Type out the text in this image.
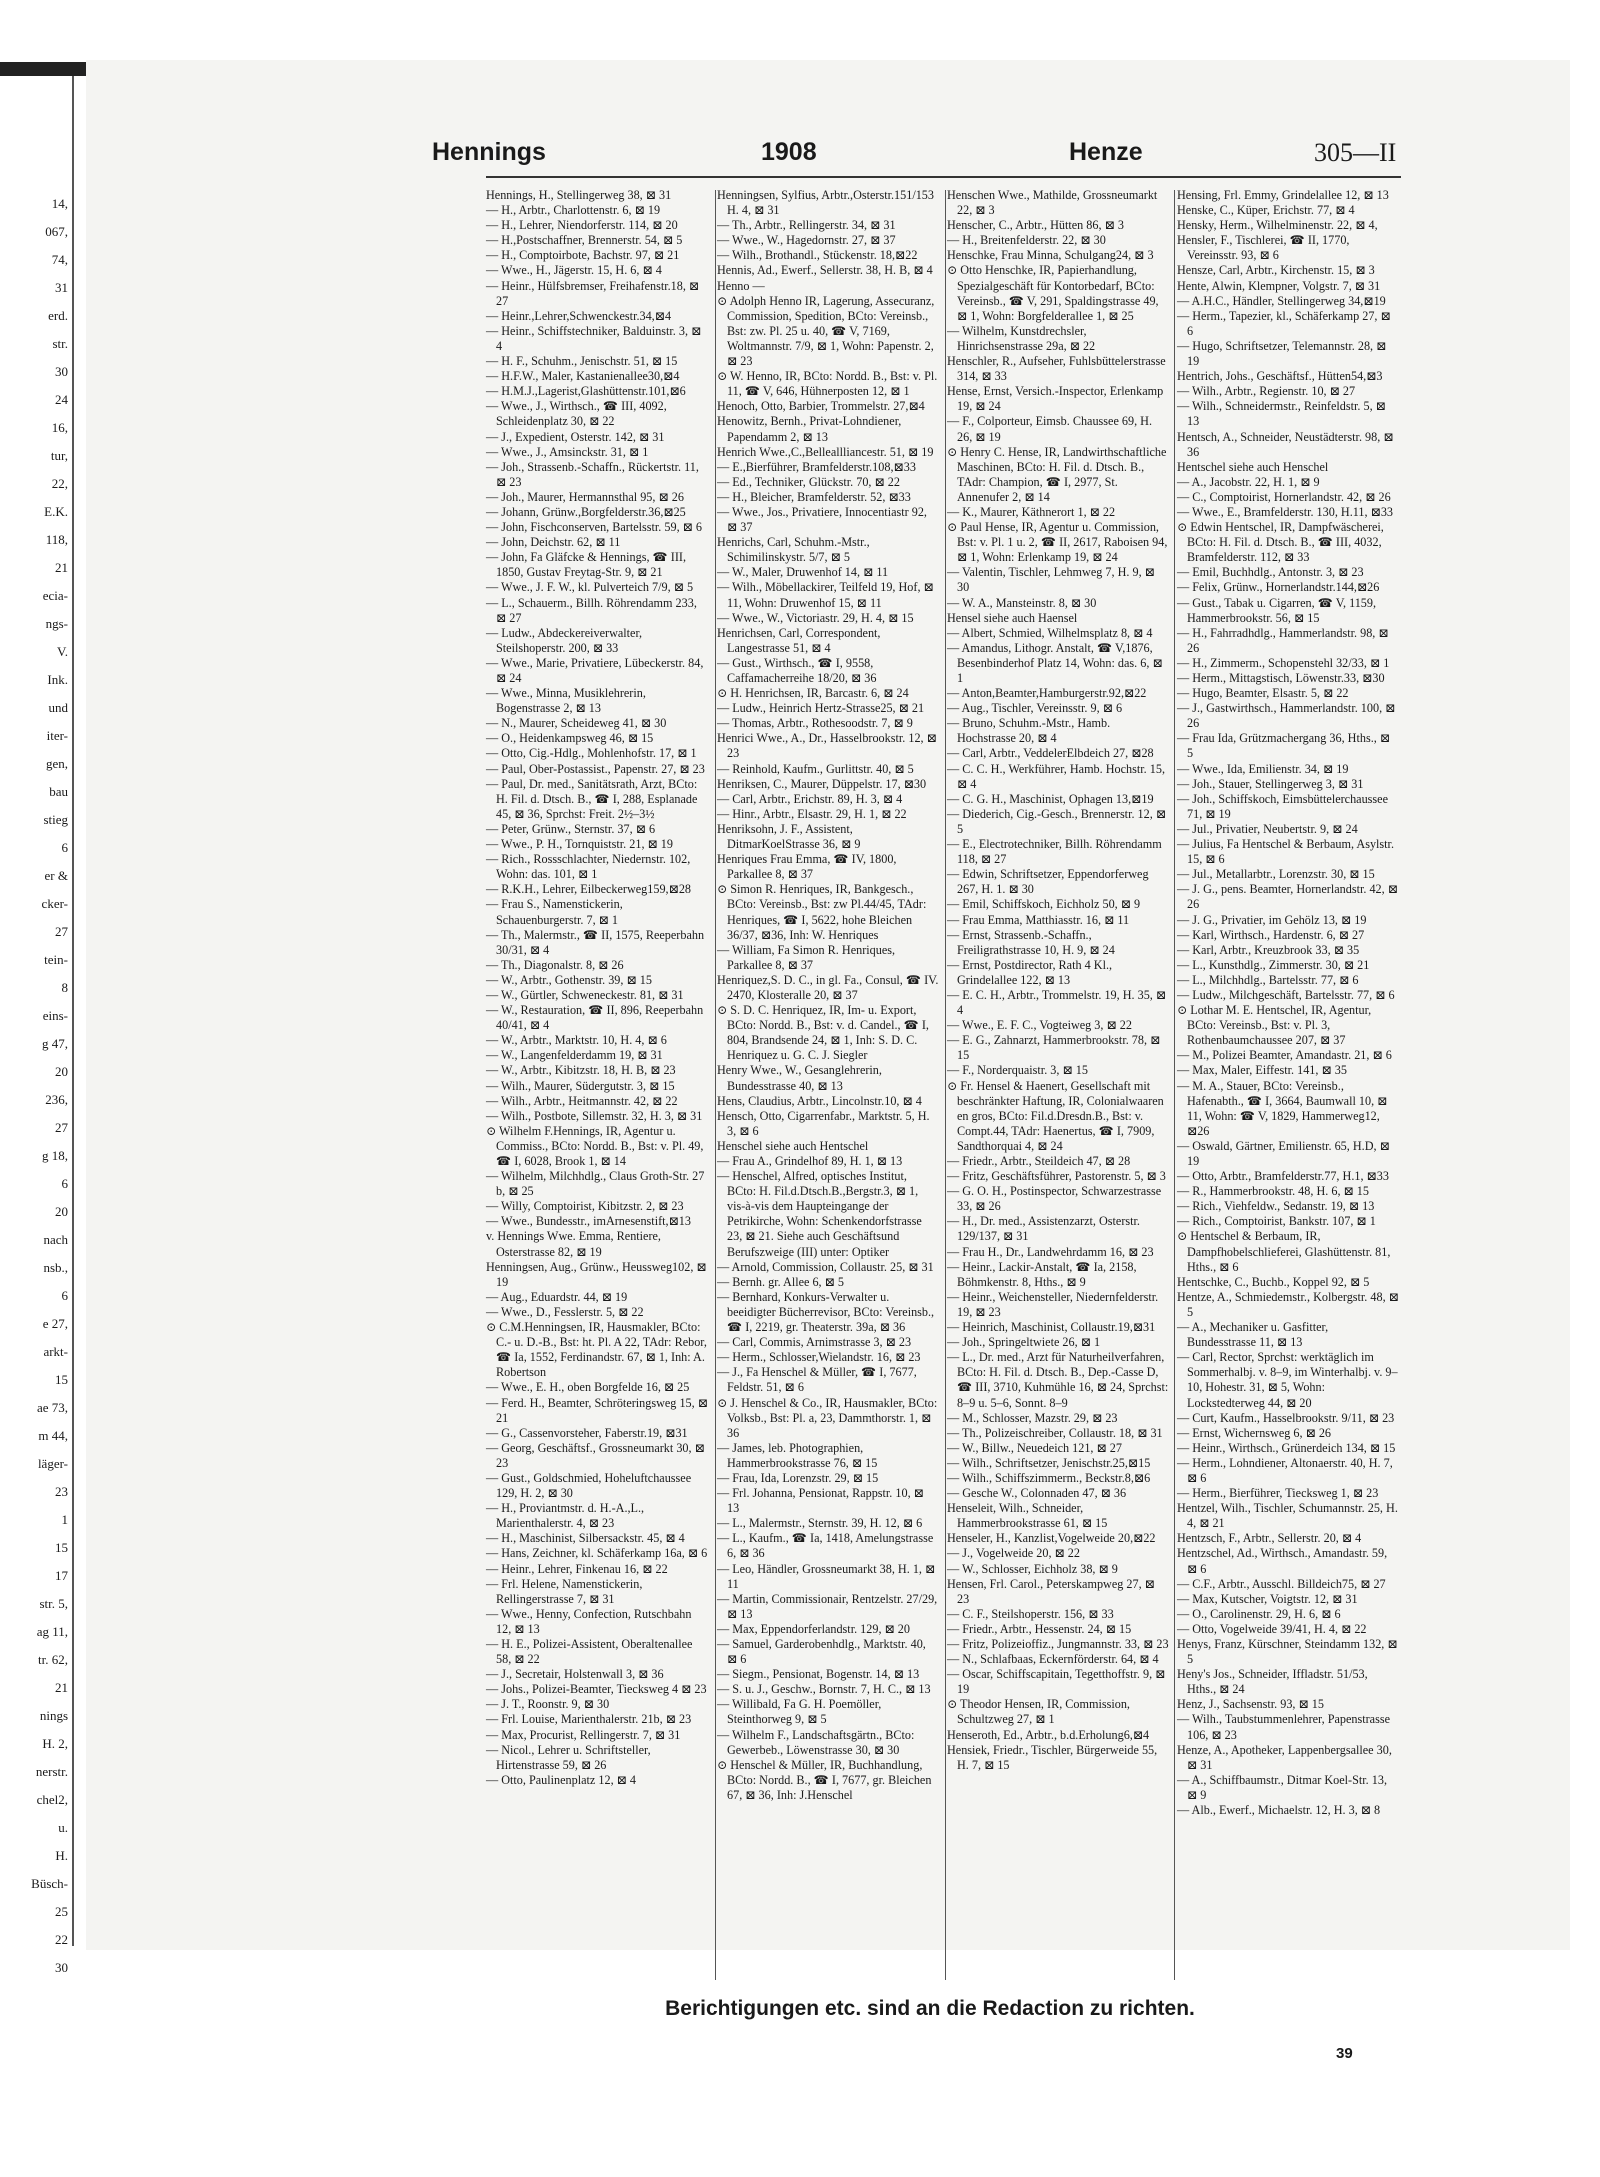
14,
067,
74,
31
erd.
str.
30
24
16,
tur,
22,
E.K.
118,
21
ecia-
ngs-
V.
Ink.
und
iter-
gen,
bau
stieg
6
er &
cker-
27
tein-
8
eins-
g 47,
20
236,
27
g 18,
6
20
nach
nsb.,
6
e 27,
arkt-
15
ae 73,
m 44,
läger-
23
1
15
17
str. 5,
ag 11,
tr. 62,
21
nings
H. 2,
nerstr.
chel2,
u.
H.
Büsch-
25
22
30
Hennings	1908	Henze	305—II

Hennings, H., Stellingerweg 38, ⊠ 31

— H., Arbtr., Charlottenstr. 6, ⊠ 19

— H., Lehrer, Niendorferstr. 114, ⊠ 20

— H.,Postschaffner, Brennerstr. 54, ⊠ 5

— H., Comptoirbote, Bachstr. 97, ⊠ 21

— Wwe., H., Jägerstr. 15, H. 6, ⊠ 4

— Heinr., Hülfsbremser, Freihafenstr.18, ⊠ 27

— Heinr.,Lehrer,Schwenckestr.34,⊠4

— Heinr., Schiffstechniker, Balduinstr. 3, ⊠ 4

— H. F., Schuhm., Jenischstr. 51, ⊠ 15

— H.F.W., Maler, Kastanienallee30,⊠4

— H.M.J.,Lagerist,Glashüttenstr.101,⊠6

— Wwe., J., Wirthsch., ☎ III, 4092, Schleidenplatz 30, ⊠ 22

— J., Expedient, Osterstr. 142, ⊠ 31

— Wwe., J., Amsinckstr. 31, ⊠ 1

— Joh., Strassenb.-Schaffn., Rückertstr. 11, ⊠ 23

— Joh., Maurer, Hermannsthal 95, ⊠ 26

— Johann, Grünw.,Borgfelderstr.36,⊠25

— John, Fischconserven, Bartelsstr. 59, ⊠ 6

— John, Deichstr. 62, ⊠ 11

— John, Fa Gläfcke & Hennings, ☎ III, 1850, Gustav Freytag-Str. 9, ⊠ 21

— Wwe., J. F. W., kl. Pulverteich 7/9, ⊠ 5

— L., Schauerm., Billh. Röhrendamm 233, ⊠ 27

— Ludw., Abdeckereiverwalter, Steilshoperstr. 200, ⊠ 33

— Wwe., Marie, Privatiere, Lübeckerstr. 84, ⊠ 24

— Wwe., Minna, Musiklehrerin, Bogenstrasse 2, ⊠ 13

— N., Maurer, Scheideweg 41, ⊠ 30

— O., Heidenkampsweg 46, ⊠ 15

— Otto, Cig.-Hdlg., Mohlenhofstr. 17, ⊠ 1

— Paul, Ober-Postassist., Papenstr. 27, ⊠ 23

— Paul, Dr. med., Sanitätsrath, Arzt, BCto: H. Fil. d. Dtsch. B., ☎ I, 288, Esplanade 45, ⊠ 36, Sprchst: Freit. 2½–3½

— Peter, Grünw., Sternstr. 37, ⊠ 6

— Wwe., P. H., Tornquiststr. 21, ⊠ 19

— Rich., Rossschlachter, Niedernstr. 102, Wohn: das. 101, ⊠ 1

— R.K.H., Lehrer, Eilbeckerweg159,⊠28

— Frau S., Namenstickerin, Schauenburgerstr. 7, ⊠ 1

— Th., Malermstr., ☎ II, 1575, Reeperbahn 30/31, ⊠ 4

— Th., Diagonalstr. 8, ⊠ 26

— W., Arbtr., Gothenstr. 39, ⊠ 15

— W., Gürtler, Schweneckestr. 81, ⊠ 31

— W., Restauration, ☎ II, 896, Reeperbahn 40/41, ⊠ 4

— W., Arbtr., Marktstr. 10, H. 4, ⊠ 6

— W., Langenfelderdamm 19, ⊠ 31

— W., Arbtr., Kibitzstr. 18, H. B, ⊠ 23

— Wilh., Maurer, Südergutstr. 3, ⊠ 15

— Wilh., Arbtr., Heitmannstr. 42, ⊠ 22

— Wilh., Postbote, Sillemstr. 32, H. 3, ⊠ 31

⊙ Wilhelm F.Hennings, IR, Agentur u. Commiss., BCto: Nordd. B., Bst: v. Pl. 49, ☎ I, 6028, Brook 1, ⊠ 14

— Wilhelm, Milchhdlg., Claus Groth-Str. 27 b, ⊠ 25

— Willy, Comptoirist, Kibitzstr. 2, ⊠ 23

— Wwe., Bundesstr., imArnesenstift,⊠13

v. Hennings Wwe. Emma, Rentiere, Osterstrasse 82, ⊠ 19

Henningsen, Aug., Grünw., Heussweg102, ⊠ 19

— Aug., Eduardstr. 44, ⊠ 19

— Wwe., D., Fesslerstr. 5, ⊠ 22

⊙ C.M.Henningsen, IR, Hausmakler, BCto: C.- u. D.-B., Bst: ht. Pl. A 22, TAdr: Rebor, ☎ Ia, 1552, Ferdinandstr. 67, ⊠ 1, Inh: A. Robertson

— Wwe., E. H., oben Borgfelde 16, ⊠ 25

— Ferd. H., Beamter, Schröteringsweg 15, ⊠ 21

— G., Cassenvorsteher, Faberstr.19, ⊠31

— Georg, Geschäftsf., Grossneumarkt 30, ⊠ 23

— Gust., Goldschmied, Hoheluftchaussee 129, H. 2, ⊠ 30

— H., Proviantmstr. d. H.-A.,L., Marienthalerstr. 4, ⊠ 23

— H., Maschinist, Silbersackstr. 45, ⊠ 4

— Hans, Zeichner, kl. Schäferkamp 16a, ⊠ 6

— Heinr., Lehrer, Finkenau 16, ⊠ 22

— Frl. Helene, Namenstickerin, Rellingerstrasse 7, ⊠ 31

— Wwe., Henny, Confection, Rutschbahn 12, ⊠ 13

— H. E., Polizei-Assistent, Oberaltenallee 58, ⊠ 22

— J., Secretair, Holstenwall 3, ⊠ 36

— Johs., Polizei-Beamter, Tiecksweg 4 ⊠ 23

— J. T., Roonstr. 9, ⊠ 30

— Frl. Louise, Marienthalerstr. 21b, ⊠ 23

— Max, Procurist, Rellingerstr. 7, ⊠ 31

— Nicol., Lehrer u. Schriftsteller, Hirtenstrasse 59, ⊠ 26

— Otto, Paulinenplatz 12, ⊠ 4

Henningsen, Sylfius, Arbtr.,Osterstr.151/153 H. 4, ⊠ 31

— Th., Arbtr., Rellingerstr. 34, ⊠ 31

— Wwe., W., Hagedornstr. 27, ⊠ 37

— Wilh., Brothandl., Stückenstr. 18,⊠22

Hennis, Ad., Ewerf., Sellerstr. 38, H. B, ⊠ 4

Henno —

⊙ Adolph Henno IR, Lagerung, Assecuranz, Commission, Spedition, BCto: Vereinsb., Bst: zw. Pl. 25 u. 40, ☎ V, 7169, Woltmannstr. 7/9, ⊠ 1, Wohn: Papenstr. 2, ⊠ 23

⊙ W. Henno, IR, BCto: Nordd. B., Bst: v. Pl. 11, ☎ V, 646, Hühnerposten 12, ⊠ 1

Henoch, Otto, Barbier, Trommelstr. 27,⊠4

Henowitz, Bernh., Privat-Lohndiener, Papendamm 2, ⊠ 13

Henrich Wwe.,C.,Belleallliancestr. 51, ⊠ 19

— E.,Bierführer, Bramfelderstr.108,⊠33

— Ed., Techniker, Glückstr. 70, ⊠ 22

— H., Bleicher, Bramfelderstr. 52, ⊠33

— Wwe., Jos., Privatiere, Innocentiastr 92, ⊠ 37

Henrichs, Carl, Schuhm.-Mstr., Schimilinskystr. 5/7, ⊠ 5

— W., Maler, Druwenhof 14, ⊠ 11

— Wilh., Möbellackirer, Teilfeld 19, Hof, ⊠ 11, Wohn: Druwenhof 15, ⊠ 11

— Wwe., W., Victoriastr. 29, H. 4, ⊠ 15

Henrichsen, Carl, Correspondent, Langestrasse 51, ⊠ 4

— Gust., Wirthsch., ☎ I, 9558, Caffamacherreihe 18/20, ⊠ 36

⊙ H. Henrichsen, IR, Barcastr. 6, ⊠ 24

— Ludw., Heinrich Hertz-Strasse25, ⊠ 21

— Thomas, Arbtr., Rothesoodstr. 7, ⊠ 9

Henrici Wwe., A., Dr., Hasselbrookstr. 12, ⊠ 23

— Reinhold, Kaufm., Gurlittstr. 40, ⊠ 5

Henriksen, C., Maurer, Düppelstr. 17, ⊠30

— Carl, Arbtr., Erichstr. 89, H. 3, ⊠ 4

— Hinr., Arbtr., Elsastr. 29, H. 1, ⊠ 22

Henriksohn, J. F., Assistent, DitmarKoelStrasse 36, ⊠ 9

Henriques Frau Emma, ☎ IV, 1800, Parkallee 8, ⊠ 37

⊙ Simon R. Henriques, IR, Bankgesch., BCto: Vereinsb., Bst: zw Pl.44/45, TAdr: Henriques, ☎ I, 5622, hohe Bleichen 36/37, ⊠36, Inh: W. Henriques

— William, Fa Simon R. Henriques, Parkallee 8, ⊠ 37

Henriquez,S. D. C., in gl. Fa., Consul, ☎ IV. 2470, Klosteralle 20, ⊠ 37

⊙ S. D. C. Henriquez, IR, Im- u. Export, BCto: Nordd. B., Bst: v. d. Candel., ☎ I, 804, Brandsende 24, ⊠ 1, Inh: S. D. C. Henriquez u. G. C. J. Siegler

Henry Wwe., W., Gesanglehrerin, Bundesstrasse 40, ⊠ 13

Hens, Claudius, Arbtr., Lincolnstr.10, ⊠ 4

Hensch, Otto, Cigarrenfabr., Marktstr. 5, H. 3, ⊠ 6

Henschel siehe auch Hentschel

— Frau A., Grindelhof 89, H. 1, ⊠ 13

— Henschel, Alfred, optisches Institut, BCto: H. Fil.d.Dtsch.B.,Bergstr.3, ⊠ 1, vis-à-vis dem Haupteingange der Petrikirche, Wohn: Schenkendorfstrasse 23, ⊠ 21. Siehe auch Geschäftsund Berufszweige (III) unter: Optiker

— Arnold, Commission, Collaustr. 25, ⊠ 31

— Bernh. gr. Allee 6, ⊠ 5

— Bernhard, Konkurs-Verwalter u. beeidigter Bücherrevisor, BCto: Vereinsb., ☎ I, 2219, gr. Theaterstr. 39a, ⊠ 36

— Carl, Commis, Arnimstrasse 3, ⊠ 23

— Herm., Schlosser,Wielandstr. 16, ⊠ 23

— J., Fa Henschel & Müller, ☎ I, 7677, Feldstr. 51, ⊠ 6

⊙ J. Henschel & Co., IR, Hausmakler, BCto: Volksb., Bst: Pl. a, 23, Dammthorstr. 1, ⊠ 36

— James, leb. Photographien, Hammerbrookstrasse 76, ⊠ 15

— Frau, Ida, Lorenzstr. 29, ⊠ 15

— Frl. Johanna, Pensionat, Rappstr. 10, ⊠ 13

— L., Malermstr., Sternstr. 39, H. 12, ⊠ 6

— L., Kaufm., ☎ Ia, 1418, Amelungstrasse 6, ⊠ 36

— Leo, Händler, Grossneumarkt 38, H. 1, ⊠ 11

— Martin, Commissionair, Rentzelstr. 27/29, ⊠ 13

— Max, Eppendorferlandstr. 129, ⊠ 20

— Samuel, Garderobenhdlg., Marktstr. 40, ⊠ 6

— Siegm., Pensionat, Bogenstr. 14, ⊠ 13

— S. u. J., Geschw., Bornstr. 7, H. C., ⊠ 13

— Willibald, Fa G. H. Poemöller, Steinthorweg 9, ⊠ 5

— Wilhelm F., Landschaftsgärtn., BCto: Gewerbeb., Löwenstrasse 30, ⊠ 30

⊙ Henschel & Müller, IR, Buchhandlung, BCto: Nordd. B., ☎ I, 7677, gr. Bleichen 67, ⊠ 36, Inh: J.Henschel

Henschen Wwe., Mathilde, Grossneumarkt 22, ⊠ 3

Henscher, C., Arbtr., Hütten 86, ⊠ 3

— H., Breitenfelderstr. 22, ⊠ 30

Henschke, Frau Minna, Schulgang24, ⊠ 3

⊙ Otto Henschke, IR, Papierhandlung, Spezialgeschäft für Kontorbedarf, BCto: Vereinsb., ☎ V, 291, Spaldingstrasse 49, ⊠ 1, Wohn: Borgfelderallee 1, ⊠ 25

— Wilhelm, Kunstdrechsler, Hinrichsenstrasse 29a, ⊠ 22

Henschler, R., Aufseher, Fuhlsbüttelerstrasse 314, ⊠ 33

Hense, Ernst, Versich.-Inspector, Erlenkamp 19, ⊠ 24

— F., Colporteur, Eimsb. Chaussee 69, H. 26, ⊠ 19

⊙ Henry C. Hense, IR, Landwirthschaftliche Maschinen, BCto: H. Fil. d. Dtsch. B., TAdr: Champion, ☎ I, 2977, St. Annenufer 2, ⊠ 14

— K., Maurer, Käthnerort 1, ⊠ 22

⊙ Paul Hense, IR, Agentur u. Commission, Bst: v. Pl. 1 u. 2, ☎ II, 2617, Raboisen 94, ⊠ 1, Wohn: Erlenkamp 19, ⊠ 24

— Valentin, Tischler, Lehmweg 7, H. 9, ⊠ 30

— W. A., Mansteinstr. 8, ⊠ 30

Hensel siehe auch Haensel

— Albert, Schmied, Wilhelmsplatz 8, ⊠ 4

— Amandus, Lithogr. Anstalt, ☎ V,1876, Besenbinderhof Platz 14, Wohn: das. 6, ⊠ 1

— Anton,Beamter,Hamburgerstr.92,⊠22

— Aug., Tischler, Vereinsstr. 9, ⊠ 6

— Bruno, Schuhm.-Mstr., Hamb. Hochstrasse 20, ⊠ 4

— Carl, Arbtr., VeddelerElbdeich 27, ⊠28

— C. C. H., Werkführer, Hamb. Hochstr. 15, ⊠ 4

— C. G. H., Maschinist, Ophagen 13,⊠19

— Diederich, Cig.-Gesch., Brennerstr. 12, ⊠ 5

— E., Electrotechniker, Billh. Röhrendamm 118, ⊠ 27

— Edwin, Schriftsetzer, Eppendorferweg 267, H. 1. ⊠ 30

— Emil, Schiffskoch, Eichholz 50, ⊠ 9

— Frau Emma, Matthiasstr. 16, ⊠ 11

— Ernst, Strassenb.-Schaffn., Freiligrathstrasse 10, H. 9, ⊠ 24

— Ernst, Postdirector, Rath 4 Kl., Grindelallee 122, ⊠ 13

— E. C. H., Arbtr., Trommelstr. 19, H. 35, ⊠ 4

— Wwe., E. F. C., Vogteiweg 3, ⊠ 22

— E. G., Zahnarzt, Hammerbrookstr. 78, ⊠ 15

— F., Norderquaistr. 3, ⊠ 15

⊙ Fr. Hensel & Haenert, Gesellschaft mit beschränkter Haftung, IR, Colonialwaaren en gros, BCto: Fil.d.Dresdn.B., Bst: v. Compt.44, TAdr: Haenertus, ☎ I, 7909, Sandthorquai 4, ⊠ 24

— Friedr., Arbtr., Steildeich 47, ⊠ 28

— Fritz, Geschäftsführer, Pastorenstr. 5, ⊠ 3

— G. O. H., Postinspector, Schwarzestrasse 33, ⊠ 26

— H., Dr. med., Assistenzarzt, Osterstr. 129/137, ⊠ 31

— Frau H., Dr., Landwehrdamm 16, ⊠ 23

— Heinr., Lackir-Anstalt, ☎ Ia, 2158, Böhmkenstr. 8, Hths., ⊠ 9

— Heinr., Weichensteller, Niedernfelderstr. 19, ⊠ 23

— Heinrich, Maschinist, Collaustr.19,⊠31

— Joh., Springeltwiete 26, ⊠ 1

— L., Dr. med., Arzt für Naturheilverfahren, BCto: H. Fil. d. Dtsch. B., Dep.-Casse D, ☎ III, 3710, Kuhmühle 16, ⊠ 24, Sprchst: 8–9 u. 5–6, Sonnt. 8–9

— M., Schlosser, Mazstr. 29, ⊠ 23

— Th., Polizeischreiber, Collaustr. 18, ⊠ 31

— W., Billw., Neuedeich 121, ⊠ 27

— Wilh., Schriftsetzer, Jenischstr.25,⊠15

— Wilh., Schiffszimmerm., Beckstr.8,⊠6

— Gesche W., Colonnaden 47, ⊠ 36

Henseleit, Wilh., Schneider, Hammerbrookstrasse 61, ⊠ 15

Henseler, H., Kanzlist,Vogelweide 20,⊠22

— J., Vogelweide 20, ⊠ 22

— W., Schlosser, Eichholz 38, ⊠ 9

Hensen, Frl. Carol., Peterskampweg 27, ⊠ 23

— C. F., Steilshoperstr. 156, ⊠ 33

— Friedr., Arbtr., Hessenstr. 24, ⊠ 15

— Fritz, Polizeioffiz., Jungmannstr. 33, ⊠ 23

— N., Schlafbaas, Eckernförderstr. 64, ⊠ 4

— Oscar, Schiffscapitain, Tegetthoffstr. 9, ⊠ 19

⊙ Theodor Hensen, IR, Commission, Schultzweg 27, ⊠ 1

Henseroth, Ed., Arbtr., b.d.Erholung6,⊠4

Hensiek, Friedr., Tischler, Bürgerweide 55, H. 7, ⊠ 15

Hensing, Frl. Emmy, Grindelallee 12, ⊠ 13

Henske, C., Küper, Erichstr. 77, ⊠ 4

Hensky, Herm., Wilhelminenstr. 22, ⊠ 4,

Hensler, F., Tischlerei, ☎ II, 1770, Vereinsstr. 93, ⊠ 6

Hensze, Carl, Arbtr., Kirchenstr. 15, ⊠ 3

Hente, Alwin, Klempner, Volgstr. 7, ⊠ 31

— A.H.C., Händler, Stellingerweg 34,⊠19

— Herm., Tapezier, kl., Schäferkamp 27, ⊠ 6

— Hugo, Schriftsetzer, Telemannstr. 28, ⊠ 19

Hentrich, Johs., Geschäftsf., Hütten54,⊠3

— Wilh., Arbtr., Regienstr. 10, ⊠ 27

— Wilh., Schneidermstr., Reinfeldstr. 5, ⊠ 13

Hentsch, A., Schneider, Neustädterstr. 98, ⊠ 36

Hentschel siehe auch Henschel

— A., Jacobstr. 22, H. 1, ⊠ 9

— C., Comptoirist, Hornerlandstr. 42, ⊠ 26

— Wwe., E., Bramfelderstr. 130, H.11, ⊠33

⊙ Edwin Hentschel, IR, Dampfwäscherei, BCto: H. Fil. d. Dtsch. B., ☎ III, 4032, Bramfelderstr. 112, ⊠ 33

— Emil, Buchhdlg., Antonstr. 3, ⊠ 23

— Felix, Grünw., Hornerlandstr.144,⊠26

— Gust., Tabak u. Cigarren, ☎ V, 1159, Hammerbrookstr. 56, ⊠ 15

— H., Fahrradhdlg., Hammerlandstr. 98, ⊠ 26

— H., Zimmerm., Schopenstehl 32/33, ⊠ 1

— Herm., Mittagstisch, Löwenstr.33, ⊠30

— Hugo, Beamter, Elsastr. 5, ⊠ 22

— J., Gastwirthsch., Hammerlandstr. 100, ⊠ 26

— Frau Ida, Grützmachergang 36, Hths., ⊠ 5

— Wwe., Ida, Emilienstr. 34, ⊠ 19

— Joh., Stauer, Stellingerweg 3, ⊠ 31

— Joh., Schiffskoch, Eimsbüttelerchaussee 71, ⊠ 19

— Jul., Privatier, Neubertstr. 9, ⊠ 24

— Julius, Fa Hentschel & Berbaum, Asylstr. 15, ⊠ 6

— Jul., Metallarbtr., Lorenzstr. 30, ⊠ 15

— J. G., pens. Beamter, Hornerlandstr. 42, ⊠ 26

— J. G., Privatier, im Gehölz 13, ⊠ 19

— Karl, Wirthsch., Hardenstr. 6, ⊠ 27

— Karl, Arbtr., Kreuzbrook 33, ⊠ 35

— L., Kunsthdlg., Zimmerstr. 30, ⊠ 21

— L., Milchhdlg., Bartelsstr. 77, ⊠ 6

— Ludw., Milchgeschäft, Bartelsstr. 77, ⊠ 6

⊙ Lothar M. E. Hentschel, IR, Agentur, BCto: Vereinsb., Bst: v. Pl. 3, Rothenbaumchaussee 207, ⊠ 37

— M., Polizei Beamter, Amandastr. 21, ⊠ 6

— Max, Maler, Eiffestr. 141, ⊠ 35

— M. A., Stauer, BCto: Vereinsb., Hafenabth., ☎ I, 3664, Baumwall 10, ⊠ 11, Wohn: ☎ V, 1829, Hammerweg12, ⊠26

— Oswald, Gärtner, Emilienstr. 65, H.D, ⊠ 19

— Otto, Arbtr., Bramfelderstr.77, H.1, ⊠33

— R., Hammerbrookstr. 48, H. 6, ⊠ 15

— Rich., Viehfeldw., Sedanstr. 19, ⊠ 13

— Rich., Comptoirist, Bankstr. 107, ⊠ 1

⊙ Hentschel & Berbaum, IR, Dampfhobelschlieferei, Glashüttenstr. 81, Hths., ⊠ 6

Hentschke, C., Buchb., Koppel 92, ⊠ 5

Hentze, A., Schmiedemstr., Kolbergstr. 48, ⊠ 5

— A., Mechaniker u. Gasfitter, Bundesstrasse 11, ⊠ 13

— Carl, Rector, Sprchst: werktäglich im Sommerhalbj. v. 8–9, im Winterhalbj. v. 9–10, Hohestr. 31, ⊠ 5, Wohn: Lockstedterweg 44, ⊠ 20

— Curt, Kaufm., Hasselbrookstr. 9/11, ⊠ 23

— Ernst, Wichernsweg 6, ⊠ 26

— Heinr., Wirthsch., Grünerdeich 134, ⊠ 15

— Herm., Lohndiener, Altonaerstr. 40, H. 7, ⊠ 6

— Herm., Bierführer, Tiecksweg 1, ⊠ 23

Hentzel, Wilh., Tischler, Schumannstr. 25, H. 4, ⊠ 21

Hentzsch, F., Arbtr., Sellerstr. 20, ⊠ 4

Hentzschel, Ad., Wirthsch., Amandastr. 59, ⊠ 6

— C.F., Arbtr., Ausschl. Billdeich75, ⊠ 27

— Max, Kutscher, Voigtstr. 12, ⊠ 31

— O., Carolinenstr. 29, H. 6, ⊠ 6

— Otto, Vogelweide 39/41, H. 4, ⊠ 22

Henys, Franz, Kürschner, Steindamm 132, ⊠ 5

Heny's Jos., Schneider, Iffladstr. 51/53, Hths., ⊠ 24

Henz, J., Sachsenstr. 93, ⊠ 15

— Wilh., Taubstummenlehrer, Papenstrasse 106, ⊠ 23

Henze, A., Apotheker, Lappenbergsallee 30, ⊠ 31

— A., Schiffbaumstr., Ditmar Koel-Str. 13, ⊠ 9

— Alb., Ewerf., Michaelstr. 12, H. 3, ⊠ 8

Berichtigungen etc. sind an die Redaction zu richten.
39
